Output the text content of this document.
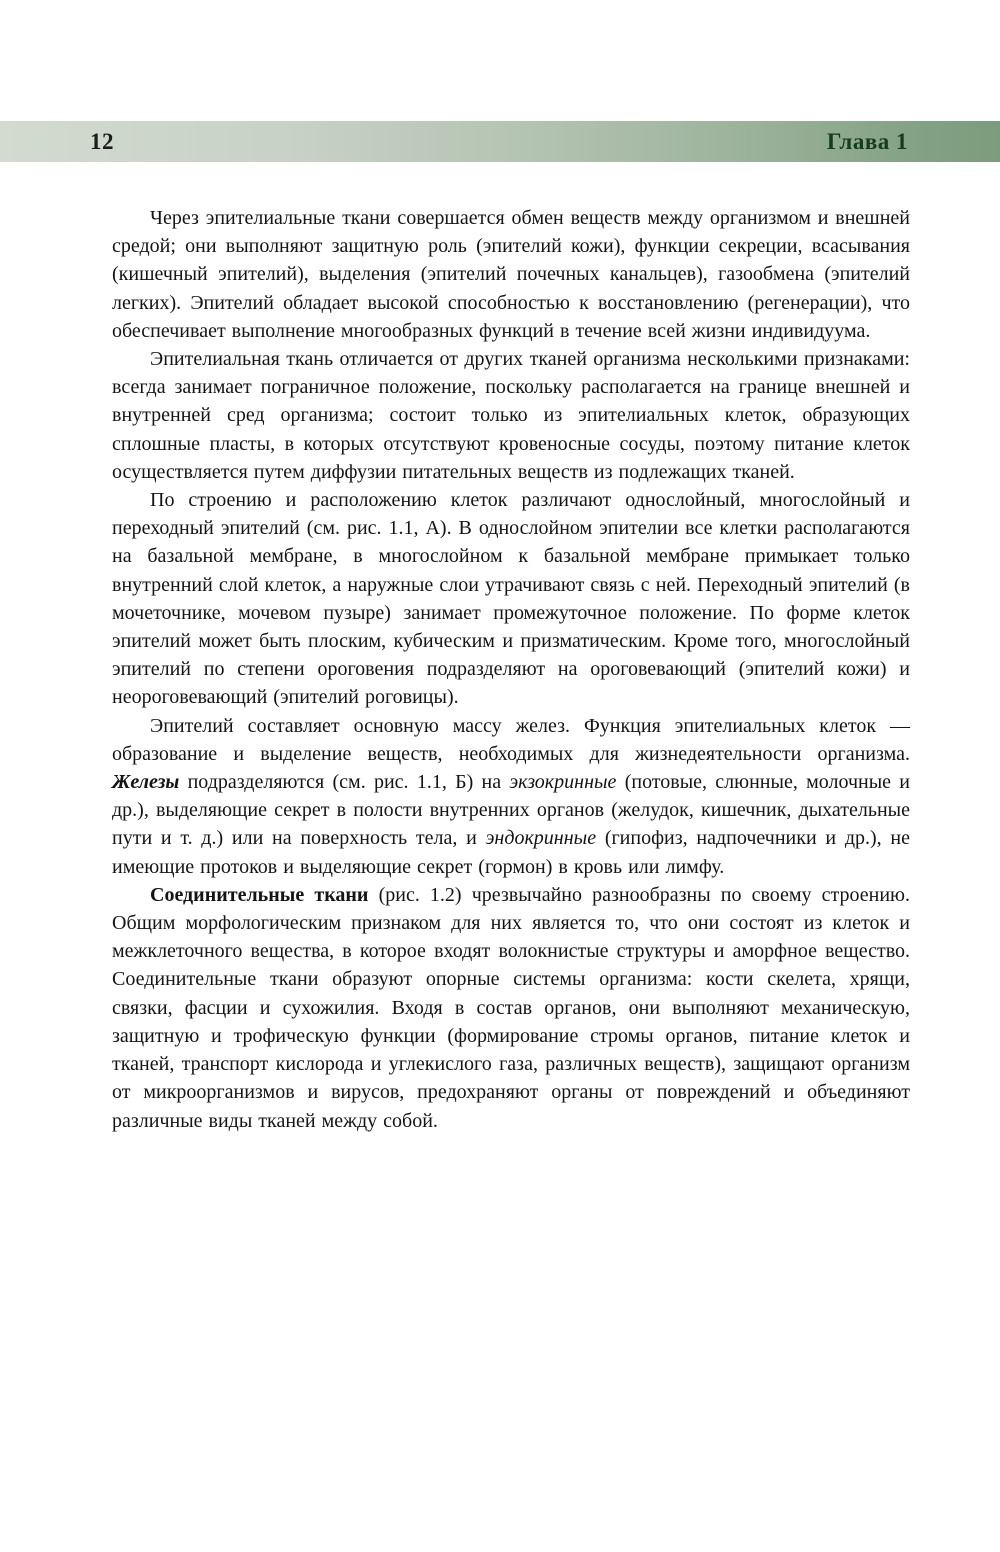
12	Глава 1

Через эпителиальные ткани совершается обмен веществ между организмом и внешней средой; они выполняют защитную роль (эпителий кожи), функции секреции, всасывания (кишечный эпителий), выделения (эпителий почечных канальцев), газообмена (эпителий легких). Эпителий обладает высокой способностью к восстановлению (регенерации), что обеспечивает выполнение многообразных функций в течение всей жизни индивидуума.

Эпителиальная ткань отличается от других тканей организма несколькими признаками: всегда занимает пограничное положение, поскольку располагается на границе внешней и внутренней сред организма; состоит только из эпителиальных клеток, образующих сплошные пласты, в которых отсутствуют кровеносные сосуды, поэтому питание клеток осуществляется путем диффузии питательных веществ из подлежащих тканей.

По строению и расположению клеток различают однослойный, многослойный и переходный эпителий (см. рис. 1.1, А). В однослойном эпителии все клетки располагаются на базальной мембране, в многослойном к базальной мембране примыкает только внутренний слой клеток, а наружные слои утрачивают связь с ней. Переходный эпителий (в мочеточнике, мочевом пузыре) занимает промежуточное положение. По форме клеток эпителий может быть плоским, кубическим и призматическим. Кроме того, многослойный эпителий по степени ороговения подразделяют на ороговевающий (эпителий кожи) и неороговевающий (эпителий роговицы).

Эпителий составляет основную массу желез. Функция эпителиальных клеток — образование и выделение веществ, необходимых для жизнедеятельности организма. Железы подразделяются (см. рис. 1.1, Б) на экзокринные (потовые, слюнные, молочные и др.), выделяющие секрет в полости внутренних органов (желудок, кишечник, дыхательные пути и т. д.) или на поверхность тела, и эндокринные (гипофиз, надпочечники и др.), не имеющие протоков и выделяющие секрет (гормон) в кровь или лимфу.

Соединительные ткани (рис. 1.2) чрезвычайно разнообразны по своему строению. Общим морфологическим признаком для них является то, что они состоят из клеток и межклеточного вещества, в которое входят волокнистые структуры и аморфное вещество. Соединительные ткани образуют опорные системы организма: кости скелета, хрящи, связки, фасции и сухожилия. Входя в состав органов, они выполняют механическую, защитную и трофическую функции (формирование стромы органов, питание клеток и тканей, транспорт кислорода и углекислого газа, различных веществ), защищают организм от микроорганизмов и вирусов, предохраняют органы от повреждений и объединяют различные виды тканей между собой.
